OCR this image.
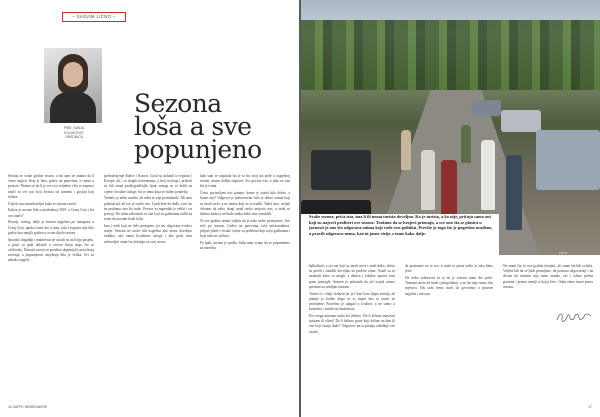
– SASVIM LIČNO –
PIŠE: SANJA KOLAROVIĆ
UREDNICA
Sezona
loša a sve
popunjeno

Sezona se svake godine otvara, a mi opet ne znamo da li ćemo uspjeti. Kraj je ljeta, gužve na putevima, a cijene u porastu. Pitamo se da li je sve ovo vrijedno i šta to zapravo znači za sve nas koji živimo od turizma i gostiju koji dolaze.

Uvijek smo nezadovoljni kada se sezona završi.

Kakva je sezona bila u prethodnoj 2019. u Crnoj Gori i šta ovo znači?

Pristoji, razlog, dalje je sezona uspješna po mnogima u Crnoj Gori, uprkos tome što u junu, julu i avgustu nije bilo gužve kao ranijih godina u ovom dijelu sezone.

Sportski događaji i manifestacije uticali su na bolju posjetu, a gosti su ipak dolazili u većem broju nego što se očekivalo. Domaći turisti su posebno doprinijeli rastu broja noćenja, a popunjenost smještaja bila je velika. Svi su nekako uspjeli.

predstavljenje Budve i Kotora. Gosti su dolazili iz regiona i Evrope, ali i sa drugih kontinenata, a broj noćenja i prihodi su bili iznad prošlogodišnjih. Ipak, mnogi su se žalili na cijene i kvalitet usluge, što je tema koja se stalno ponavlja.

Trebalo je nešto uraditi, ali ništa se nije promijenilo. Mi smo pokušavali, ali sve je ostalo isto. Ljudi žele da dođu, a mi im ne pružamo ono što traže. Prostor za napredak je veliki i on postoji. Ne treba zaboraviti ni one koji su godinama radili na tome da turizam bude bolji.

Ima i onih koji ne žele promjene, jer im odgovara ovakvo stanje. Sezona ne može biti uspješna ako nema dovoljno radnika, ako nema kvalitetne usluge i ako gosti nisu zadovoljni onim što dobijaju za svoj novac.

lako sam se raspitala šta je to što stoji iza priče o uspješnoj sezoni, nisam dobila odgovor. Svi govore isto, a niko ne zna šta je istina.

Često postavljam isto pitanje: kome je zaista bilo dobro, a kome nije? Odgovor je jednostavan: bilo je dobro onima koji su imali sreće, a ne onima koji su se trudili. Takvi smo, uvijek čekamo da neko drugi uradi nešto umjesto nas, a onda se žalimo kada to ne bude onako kako smo zamislili.

Ni ove godine nisam vidjela da je neko nešto promijenio. Sve teče po starom. Gužve na putevima, loša infrastruktura, prljave plaže i visoke cijene su problemi koji traju godinama i koje niko ne rješava.

Pa ipak, sezona je prošla. Sada nam ostaje da se pripremimo za narednu.

16 SAFFE NEMEDINERE
Svake sezone, prića ista, ima li ili nema turista dovoljno. Ko je turista, a ko nije, pričaju samo oni koji su najveći profiteri ove sezone. Tražimo da se brojevi priznaju, a sve ono šta se plasira u javnosti je ono što odgovara onima koji vode ovu politiku. Previše je toga što je pogrešno urađeno, a pravih odgovora nema, kao ni jasne vizije o tome kako dalje.
FOTO

kalkulirati, a svi oni koji su imali sreće i znali kako, dobro su prošli i zaradili dovoljno da prežive zimu. Ostali su se snalazili kako su mogli, a država i lokalne uprave nisu puno pomogle. Sezona je pokazala da još uvijek nismo spremni za ozbiljan turizam.

Turisti će i dalje dolaziti jer je Crna Gora lijepa zemlja, ali pitanje je koliko dugo će to trajati ako se stvari ne promijene. Potrebno je ulagati u kvalitet, a ne samo u kvantitet, i misliti na budućnost.

Pre svega moramo znati šta želimo. Da li želimo masovni turizam ili elitni? Da li želimo goste koji dolaze na dan ili one koji ostaju duže? Odgovori na ta pitanja određuju sve ostalo.

da pristanete na to sve, a onda se pitate zašto je tako kako jeste.

Ne treba zaboraviti ni to da je sezona samo dio priče. Turizam mora da bude cjelogodišnji, a ne da traje samo dva mjeseca. Tek tada ćemo moći da govorimo o pravom uspjehu i razvoju.

Ne znam šta će ova godina donijeti, ali znam šta bih voljela. Voljela bih da se ljudi promijene, da postanu odgovorniji i da shvate da turizam nije samo zarada, već i odnos prema gostima i prema zemlji u kojoj žive. Onda ćemo imati pravu sezonu.

17
